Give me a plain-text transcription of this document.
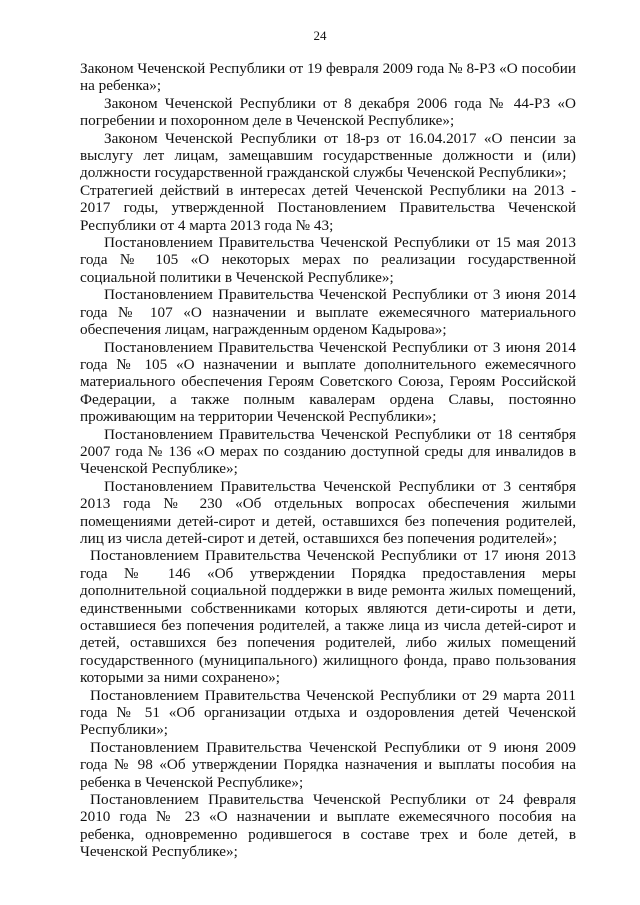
24

Законом Чеченской Республики от 19 февраля 2009 года № 8-РЗ «О пособии на ребенка»;

Законом Чеченской Республики от 8 декабря 2006 года № 44-РЗ «О погребении и похоронном деле в Чеченской Республике»;

Законом Чеченской Республики от 18-рз от 16.04.2017 «О пенсии за выслугу лет лицам, замещавшим государственные должности и (или) должности государственной гражданской службы Чеченской Республики»;

Стратегией действий в интересах детей Чеченской Республики на 2013 - 2017 годы, утвержденной Постановлением Правительства Чеченской Республики от 4 марта 2013 года № 43;

Постановлением Правительства Чеченской Республики от 15 мая 2013 года № 105 «О некоторых мерах по реализации государственной социальной политики в Чеченской Республике»;

Постановлением Правительства Чеченской Республики от 3 июня 2014 года № 107 «О назначении и выплате ежемесячного материального обеспечения лицам, награжденным орденом Кадырова»;

Постановлением Правительства Чеченской Республики от 3 июня 2014 года № 105 «О назначении и выплате дополнительного ежемесячного материального обеспечения Героям Советского Союза, Героям Российской Федерации, а также полным кавалерам ордена Славы, постоянно проживающим на территории Чеченской Республики»;

Постановлением Правительства Чеченской Республики от 18 сентября 2007 года № 136 «О мерах по созданию доступной среды для инвалидов в Чеченской Республике»;

Постановлением Правительства Чеченской Республики от 3 сентября 2013 года № 230 «Об отдельных вопросах обеспечения жилыми помещениями детей-сирот и детей, оставшихся без попечения родителей, лиц из числа детей-сирот и детей, оставшихся без попечения родителей»;

Постановлением Правительства Чеченской Республики от 17 июня 2013 года № 146 «Об утверждении Порядка предоставления меры дополнительной социальной поддержки в виде ремонта жилых помещений, единственными собственниками которых являются дети-сироты и дети, оставшиеся без попечения родителей, а также лица из числа детей-сирот и детей, оставшихся без попечения родителей, либо жилых помещений государственного (муниципального) жилищного фонда, право пользования которыми за ними сохранено»;

Постановлением Правительства Чеченской Республики от 29 марта 2011 года № 51 «Об организации отдыха и оздоровления детей Чеченской Республики»;

Постановлением Правительства Чеченской Республики от 9 июня 2009 года № 98 «Об утверждении Порядка назначения и выплаты пособия на ребенка в Чеченской Республике»;

Постановлением Правительства Чеченской Республики от 24 февраля 2010 года № 23 «О назначении и выплате ежемесячного пособия на ребенка, одновременно родившегося в составе трех и боле детей, в Чеченской Республике»;
